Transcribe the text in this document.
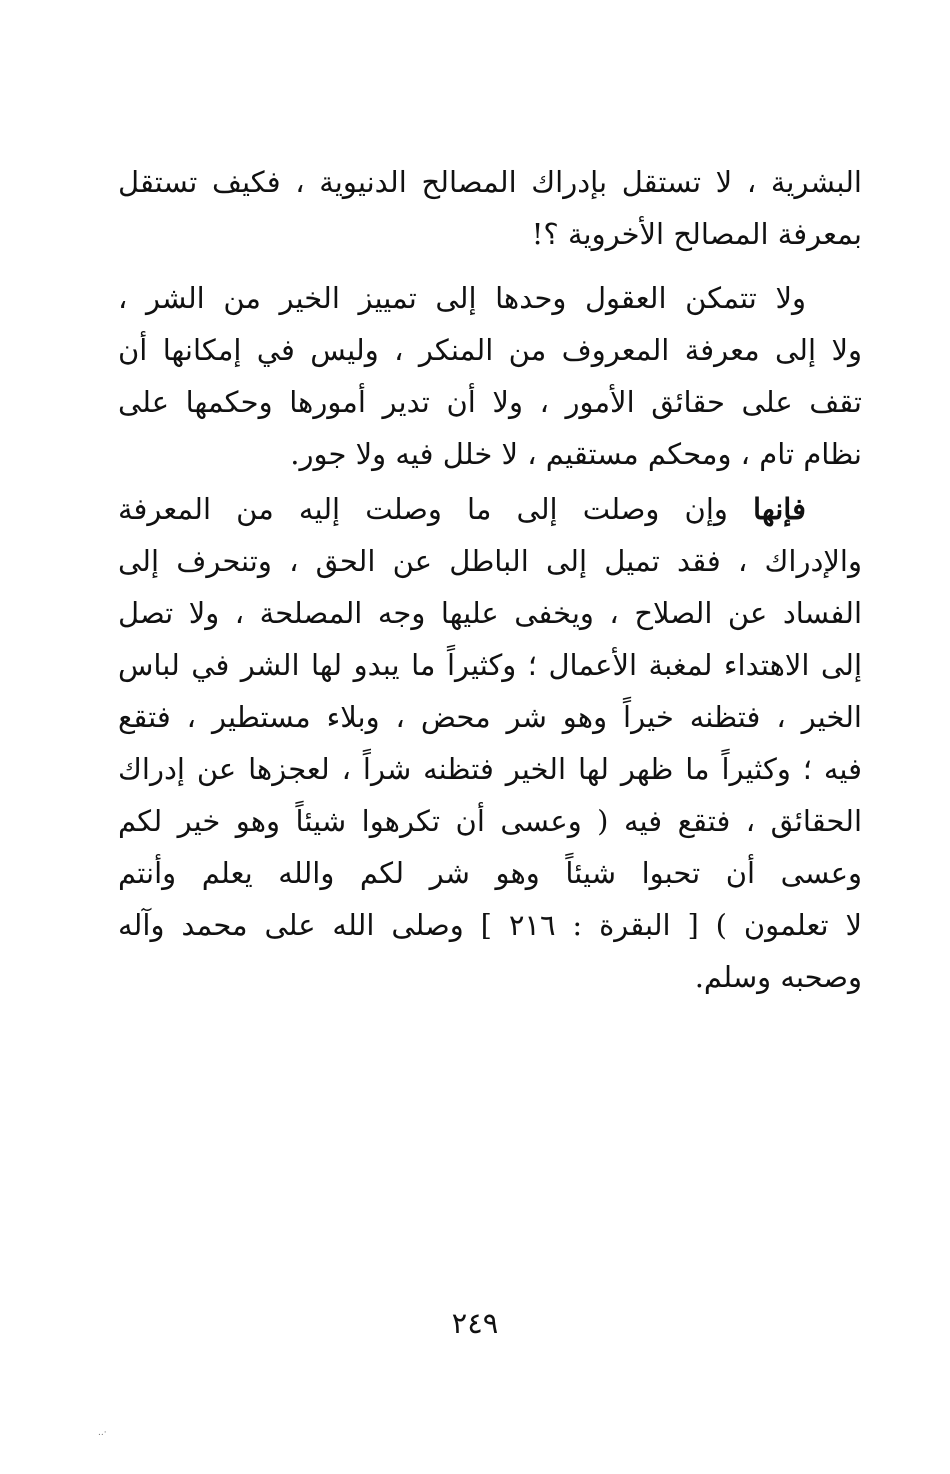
البشرية ، لا تستقل بإدراك المصالح الدنيوية ، فكيف تستقل
بمعرفة المصالح الأخروية ؟!
ولا تتمكن العقول وحدها إلى تمييز الخير من الشر ،
ولا إلى معرفة المعروف من المنكر ، وليس في إمكانها أن
تقف على حقائق الأمور ، ولا أن تدير أمورها وحكمها على
نظام تام ، ومحكم مستقيم ، لا خلل فيه ولا جور.
فإنها وإن وصلت إلى ما وصلت إليه من المعرفة
والإدراك ، فقد تميل إلى الباطل عن الحق ، وتنحرف إلى
الفساد عن الصلاح ، ويخفى عليها وجه المصلحة ، ولا تصل
إلى الاهتداء لمغبة الأعمال ؛ وكثيراً ما يبدو لها الشر في لباس
الخير ، فتظنه خيراً وهو شر محض ، وبلاء مستطير ، فتقع
فيه ؛ وكثيراً ما ظهر لها الخير فتظنه شراً ، لعجزها عن إدراك
الحقائق ، فتقع فيه ( وعسى أن تكرهوا شيئاً وهو خير لكم
وعسى أن تحبوا شيئاً وهو شر لكم والله يعلم وأنتم
لا تعلمون ) [ البقرة : ٢١٦ ] وصلى الله على محمد وآله
وصحبه وسلم.
٢٤٩
·..
